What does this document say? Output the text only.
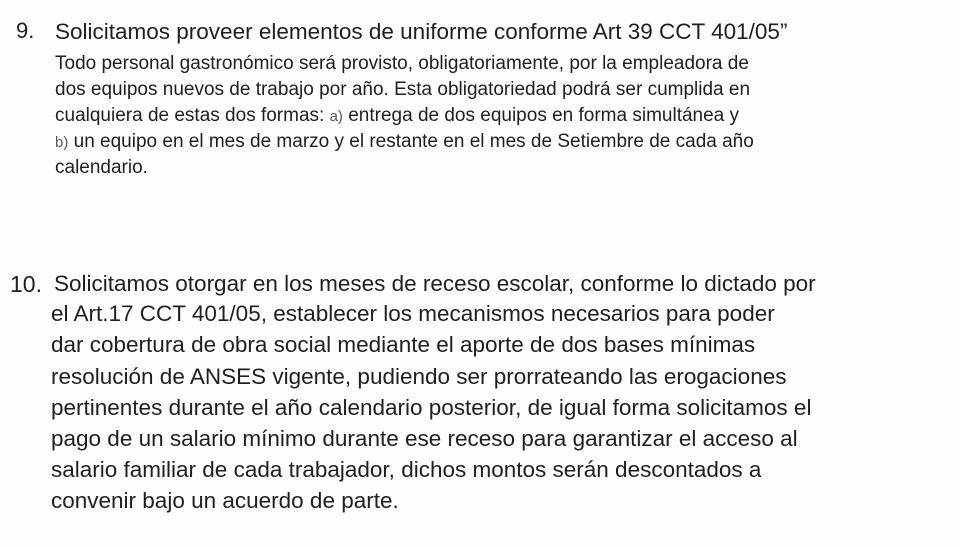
9. Solicitamos proveer elementos de uniforme conforme Art 39 CCT 401/05”
Todo personal gastronómico será provisto, obligatoriamente, por la empleadora de
dos equipos nuevos de trabajo por año. Esta obligatoriedad podrá ser cumplida en
cualquiera de estas dos formas: a) entrega de dos equipos en forma simultánea y
b) un equipo en el mes de marzo y el restante en el mes de Setiembre de cada año
calendario.
10. Solicitamos otorgar en los meses de receso escolar, conforme lo dictado por
el Art.17 CCT 401/05, establecer los mecanismos necesarios para poder
dar cobertura de obra social mediante el aporte de dos bases mínimas
resolución de ANSES vigente, pudiendo ser prorrateando las erogaciones
pertinentes durante el año calendario posterior, de igual forma solicitamos el
pago de un salario mínimo durante ese receso para garantizar el acceso al
salario familiar de cada trabajador, dichos montos serán descontados a
convenir bajo un acuerdo de parte.
